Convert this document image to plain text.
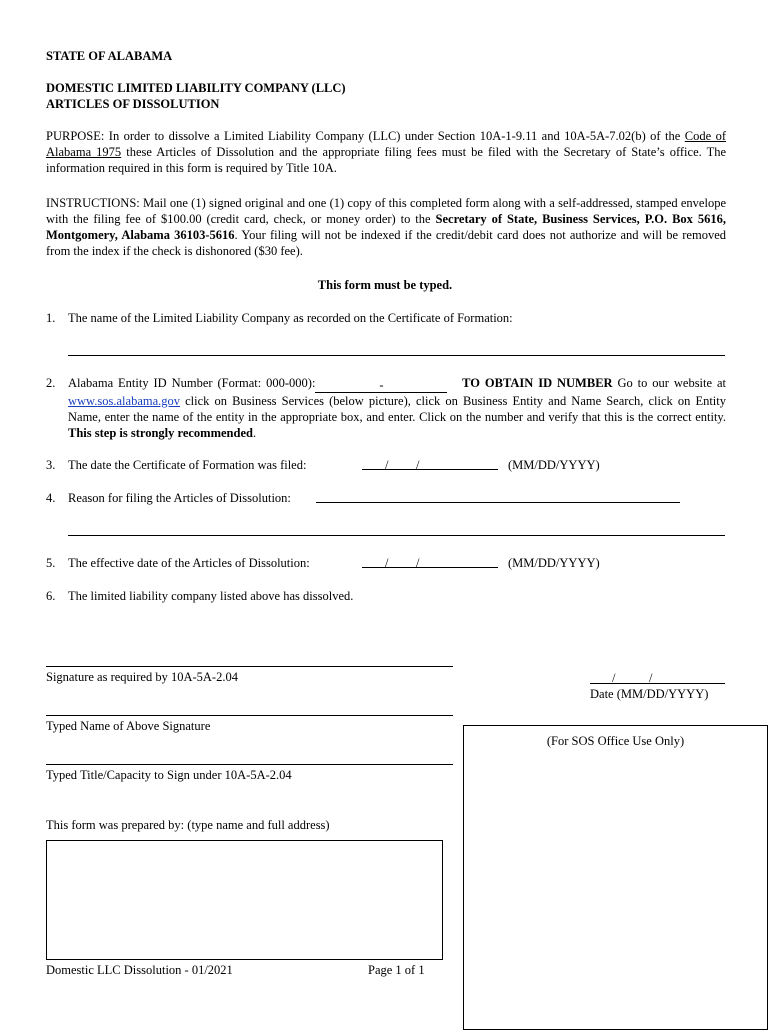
STATE OF ALABAMA
DOMESTIC LIMITED LIABILITY COMPANY (LLC)
ARTICLES OF DISSOLUTION
PURPOSE: In order to dissolve a Limited Liability Company (LLC) under Section 10A-1-9.11 and 10A-5A-7.02(b) of the Code of Alabama 1975 these Articles of Dissolution and the appropriate filing fees must be filed with the Secretary of State’s office. The information required in this form is required by Title 10A.
INSTRUCTIONS: Mail one (1) signed original and one (1) copy of this completed form along with a self-addressed, stamped envelope with the filing fee of $100.00 (credit card, check, or money order) to the Secretary of State, Business Services, P.O. Box 5616, Montgomery, Alabama 36103-5616. Your filing will not be indexed if the credit/debit card does not authorize and will be removed from the index if the check is dishonored ($30 fee).
This form must be typed.
1. The name of the Limited Liability Company as recorded on the Certificate of Formation:
2. Alabama Entity ID Number (Format: 000-000):	-	TO OBTAIN ID NUMBER Go to our website at www.sos.alabama.gov click on Business Services (below picture), click on Business Entity and Name Search, click on Entity Name, enter the name of the entity in the appropriate box, and enter. Click on the number and verify that this is the correct entity. This step is strongly recommended.
3. The date the Certificate of Formation was filed:	/ /	(MM/DD/YYYY)
4. Reason for filing the Articles of Dissolution:
5. The effective date of the Articles of Dissolution:	/ /	(MM/DD/YYYY)
6. The limited liability company listed above has dissolved.
Signature as required by 10A-5A-2.04	/	/
Date (MM/DD/YYYY)
Typed Name of Above Signature
Typed Title/Capacity to Sign under 10A-5A-2.04
This form was prepared by: (type name and full address)
(For SOS Office Use Only)
Domestic LLC Dissolution - 01/2021	Page 1 of 1
